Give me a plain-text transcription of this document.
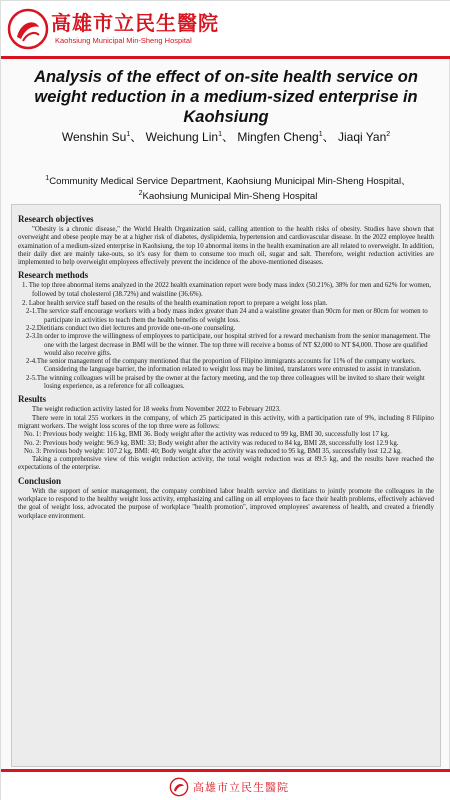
高雄市立民生醫院
Kaohsiung Municipal Min-Sheng Hospital
Analysis of the effect of on-site health service on weight reduction in a medium-sized enterprise in Kaohsiung
Wenshin Su$^1$、 Weichung Lin$^1$、 Mingfen Cheng$^1$、 Jiaqi Yan$^2$
$^1$Community Medical Service Department, Kaohsiung Municipal Min-Sheng Hospital、
$^2$Kaohsiung Municipal Min-Sheng Hospital
Research objectives
"Obesity is a chronic disease," the World Health Organization said, calling attention to the health risks of obesity. Studies have shown that overweight and obese people may be at a higher risk of diabetes, dyslipidemia, hypertension and cardiovascular disease. In the 2022 employee health examination of a medium-sized enterprise in Kaohsiung, the top 10 abnormal items in the health examination are all related to overweight. In addition, their daily diet are mainly take-outs, so it's easy for them to consume too much oil, sugar and salt. Therefore, weight reduction activities are implemented to help overweight employees effectively prevent the incidence of the above-mentioned diseases.
Research methods
1. The top three abnormal items analyzed in the 2022 health examination report were body mass index (50.21%), 38% for men and 62% for women, followed by total cholesterol (38.72%) and waistline (36.6%).
2. Labor health service staff based on the results of the health examination report to prepare a weight loss plan.
2-1.The service staff encourage workers with a body mass index greater than 24 and a waistline greater than 90cm for men or 80cm for women to participate in activities to teach them the health benefits of weight loss.
2-2.Dietitians conduct two diet lectures and provide one-on-one counseling.
2-3.In order to improve the willingness of employees to participate, our hospital strived for a reward mechanism from the senior management. The one with the largest decrease in BMI will be the winner. The top three will receive a bonus of NT $2,000 to NT $4,000. Those are qualified would also receive gifts.
2-4.The senior management of the company mentioned that the proportion of Filipino immigrants accounts for 11% of the company workers. Considering the language barrier, the information related to weight loss may be limited, translators were entrusted to assist in translation.
2-5.The winning colleagues will be praised by the owner at the factory meeting, and the top three colleagues will be invited to share their weight losing experience, as a reference for all colleagues.
Results
The weight reduction activity lasted for 18 weeks from November 2022 to February 2023.
There were in total 255 workers in the company, of which 25 participated in this activity, with a participation rate of 9%, including 8 Filipino migrant workers. The weight loss scores of the top three were as follows:
No. 1: Previous body weight: 116 kg, BMI 36. Body weight after the activity was reduced to 99 kg, BMI 30, successfully lost 17 kg.
No. 2: Previous body weight: 96.9 kg, BMI: 33; Body weight after the activity was reduced to 84 kg, BMI 28, successfully lost 12.9 kg.
No. 3: Previous body weight: 107.2 kg, BMI: 40; Body weight after the activity was reduced to 95 kg, BMI 35, successfully lost 12.2 kg.
Taking a comprehensive view of this weight reduction activity, the total weight reduction was at 89.5 kg, and the results have reached the expectations of the enterprise.
Conclusion
With the support of senior management, the company combined labor health service and dietitians to jointly promote the colleagues in the workplace to respond to the healthy weight loss activity, emphasizing and calling on all employees to face their health problems, effectively achieved the goal of weight loss, advocated the purpose of workplace "health promotion", improved employees' awareness of health, and created a friendly workplace environment.
高雄市立民生醫院
